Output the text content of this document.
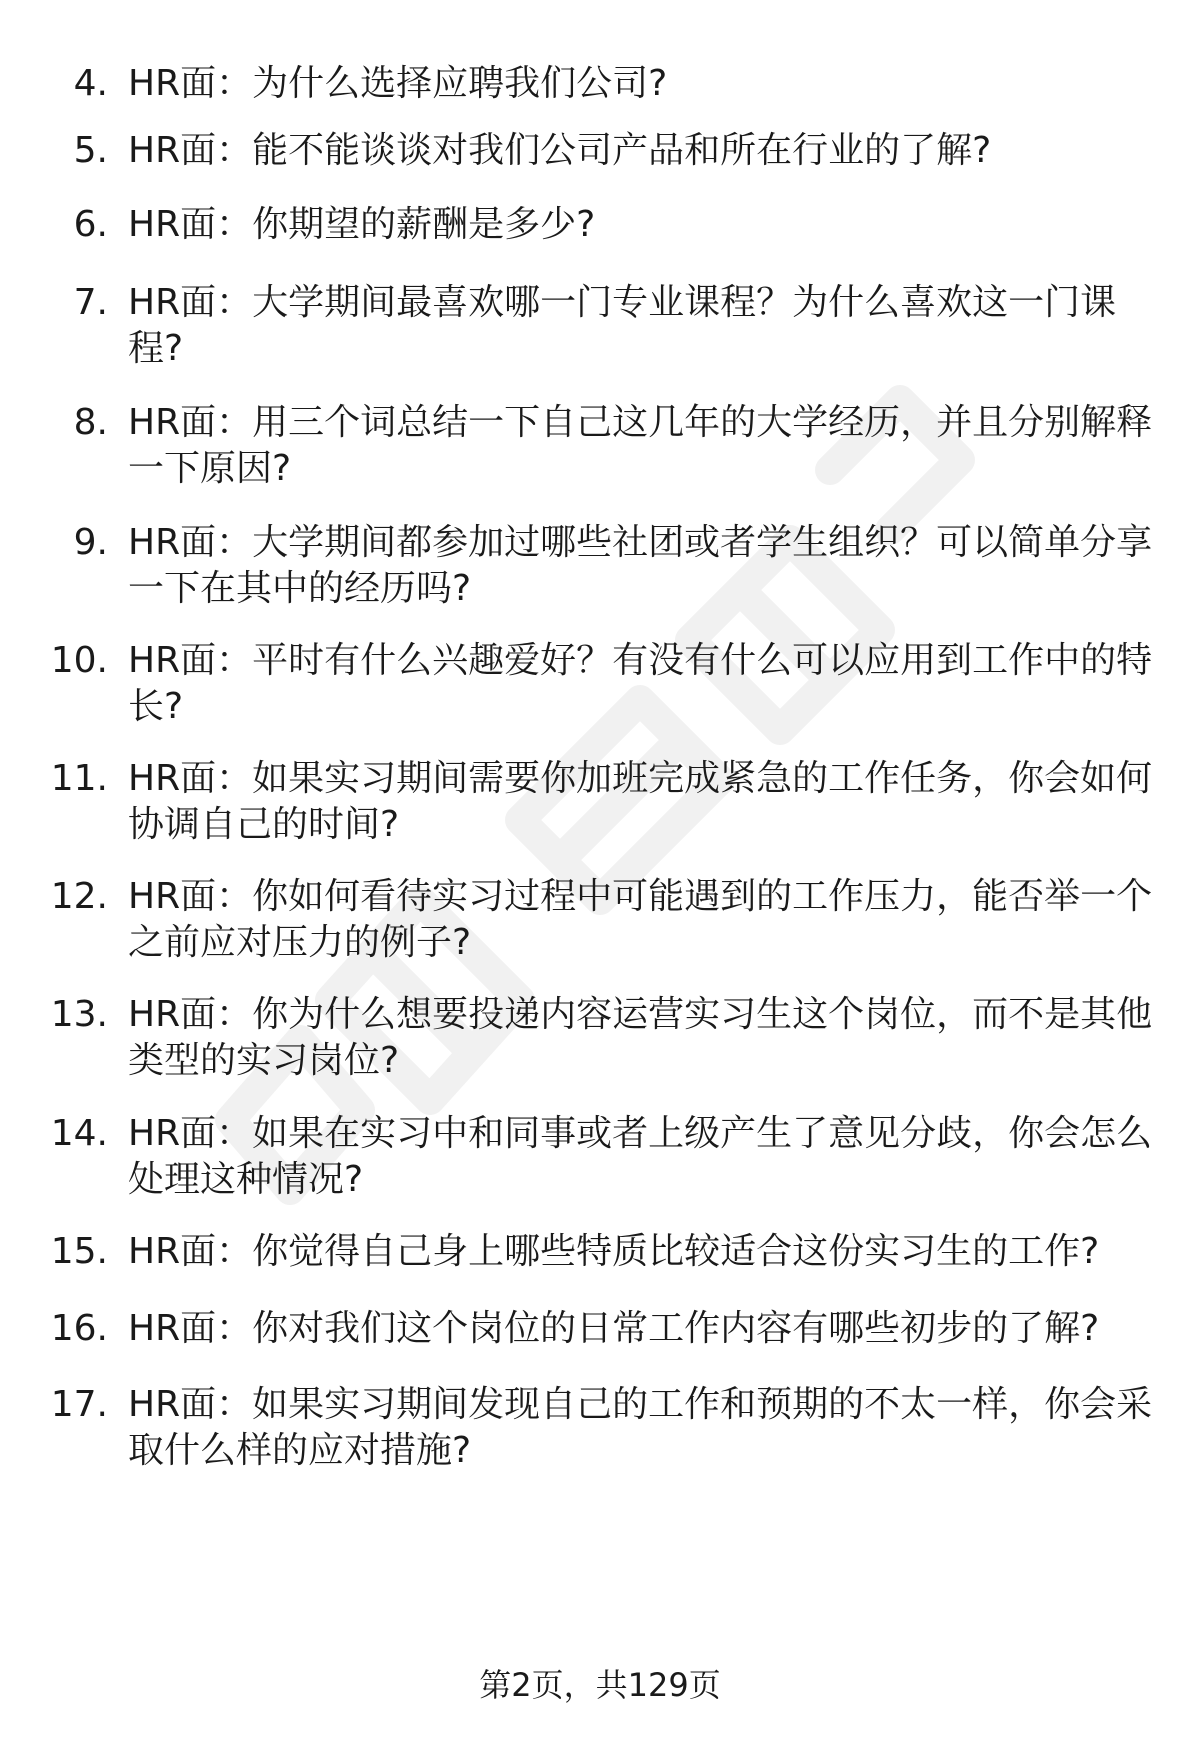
4. HR面：为什么选择应聘我们公司?
5. HR面：能不能谈谈对我们公司产品和所在行业的了解?
6. HR面：你期望的薪酬是多少?
7. HR面：大学期间最喜欢哪一门专业课程？为什么喜欢这一门课程?
8. HR面：用三个词总结一下自己这几年的大学经历，并且分别解释一下原因?
9. HR面：大学期间都参加过哪些社团或者学生组织？可以简单分享一下在其中的经历吗?
10. HR面：平时有什么兴趣爱好？有没有什么可以应用到工作中的特长?
11. HR面：如果实习期间需要你加班完成紧急的工作任务，你会如何协调自己的时间?
12. HR面：你如何看待实习过程中可能遇到的工作压力，能否举一个之前应对压力的例子?
13. HR面：你为什么想要投递内容运营实习生这个岗位，而不是其他类型的实习岗位?
14. HR面：如果在实习中和同事或者上级产生了意见分歧，你会怎么处理这种情况?
15. HR面：你觉得自己身上哪些特质比较适合这份实习生的工作?
16. HR面：你对我们这个岗位的日常工作内容有哪些初步的了解?
17. HR面：如果实习期间发现自己的工作和预期的不太一样，你会采取什么样的应对措施?
第2页，共129页
